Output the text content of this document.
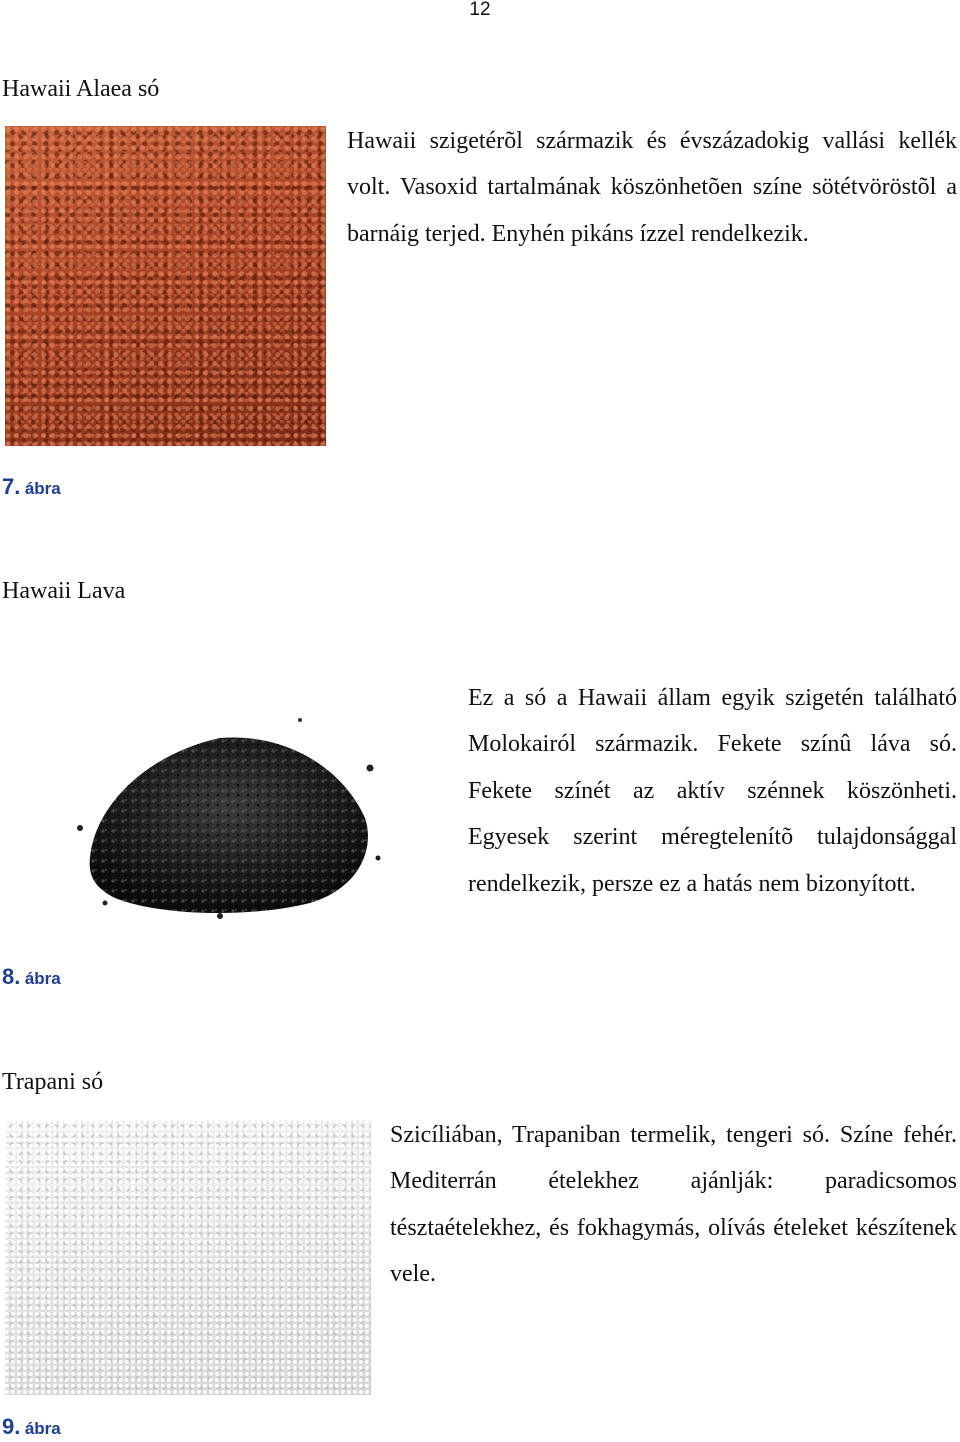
12
Hawaii Alaea só
Hawaii szigetérõl származik és évszázadokig vallási kellék volt. Vasoxid tartalmának köszönhetõen színe sötétvöröstõl a barnáig terjed. Enyhén pikáns ízzel rendelkezik.
7. ábra
Hawaii Lava
Ez a só a Hawaii állam egyik szigetén található Molokairól származik. Fekete színû láva só. Fekete színét az aktív szénnek köszönheti. Egyesek szerint méregtelenítõ tulajdonsággal rendelkezik, persze ez a hatás nem bizonyított.
8. ábra
Trapani só
Szicíliában, Trapaniban termelik, tengeri só. Színe fehér. Mediterrán ételekhez ajánlják: paradicsomos tésztaételekhez, és fokhagymás, olívás ételeket készítenek vele.
9. ábra
